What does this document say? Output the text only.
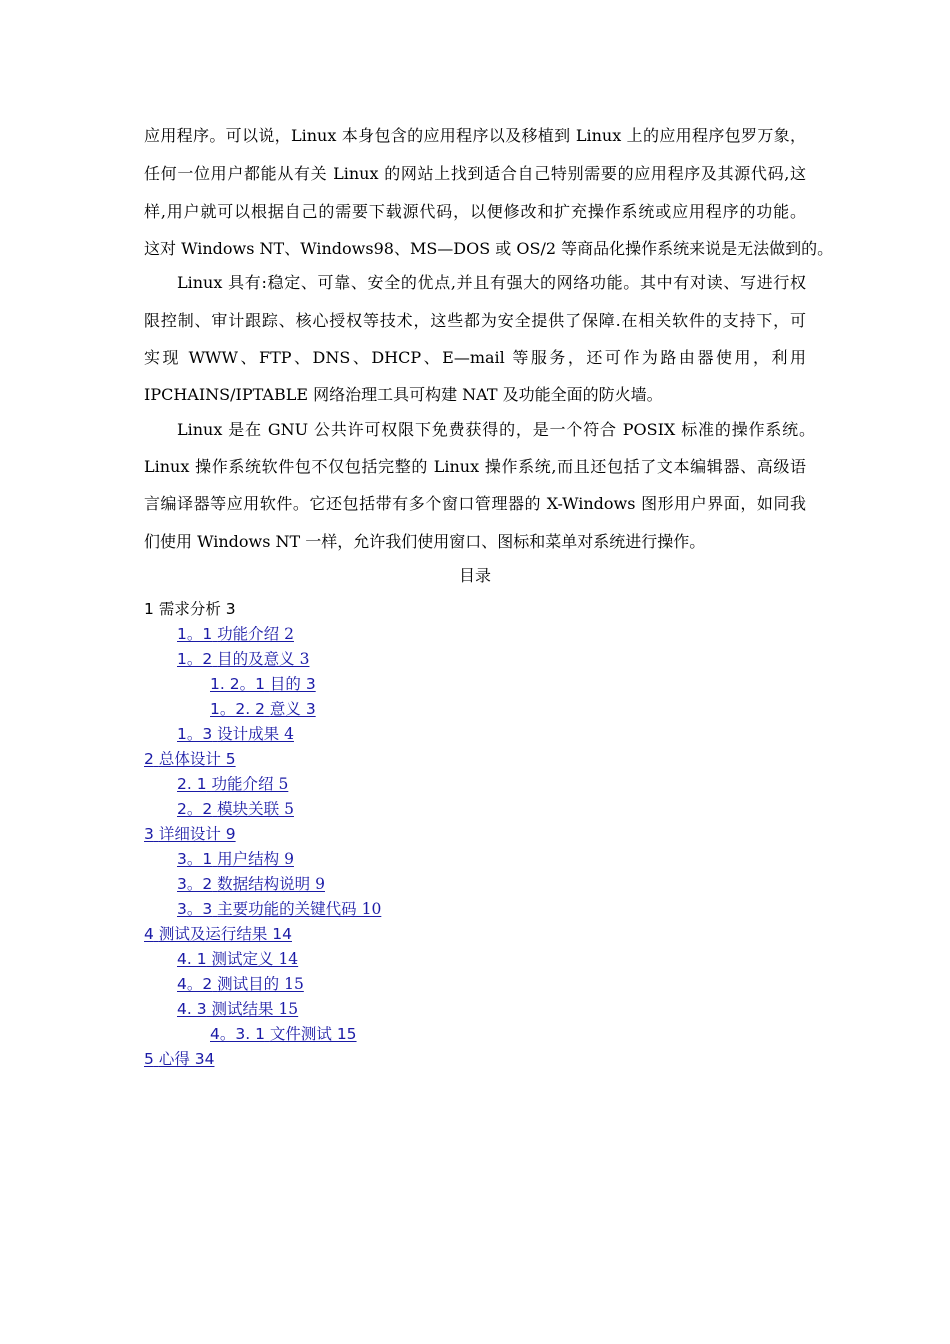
应用程序。可以说，Linux 本身包含的应用程序以及移植到 Linux 上的应用程序包罗万象，
任何一位用户都能从有关 Linux 的网站上找到适合自己特别需要的应用程序及其源代码,这
样,用户就可以根据自己的需要下载源代码，以便修改和扩充操作系统或应用程序的功能。
这对 Windows NT、Windows98、MS—DOS 或 OS/2 等商品化操作系统来说是无法做到的。
Linux 具有:稳定、可靠、安全的优点,并且有强大的网络功能。其中有对读、写进行权
限控制、审计跟踪、核心授权等技术，这些都为安全提供了保障.在相关软件的支持下，可
实现 WWW、FTP、DNS、DHCP、E—mail 等服务，还可作为路由器使用，利用
IPCHAINS/IPTABLE 网络治理工具可构建 NAT 及功能全面的防火墙。
Linux 是在 GNU 公共许可权限下免费获得的，是一个符合 POSIX 标准的操作系统。
Linux 操作系统软件包不仅包括完整的 Linux 操作系统,而且还包括了文本编辑器、高级语
言编译器等应用软件。它还包括带有多个窗口管理器的 X-Windows 图形用户界面，如同我
们使用 Windows NT 一样，允许我们使用窗口、图标和菜单对系统进行操作。
目录
1 需求分析 3
1。1 功能介绍 2
1。2 目的及意义 3
1. 2。1 目的 3
1。2. 2 意义 3
1。3 设计成果 4
2 总体设计 5
2. 1 功能介绍 5
2。2 模块关联 5
3 详细设计 9
3。1 用户结构 9
3。2 数据结构说明 9
3。3 主要功能的关键代码 10
4 测试及运行结果 14
4. 1 测试定义 14
4。2 测试目的 15
4. 3 测试结果 15
4。3. 1 文件测试 15
5 心得 34
